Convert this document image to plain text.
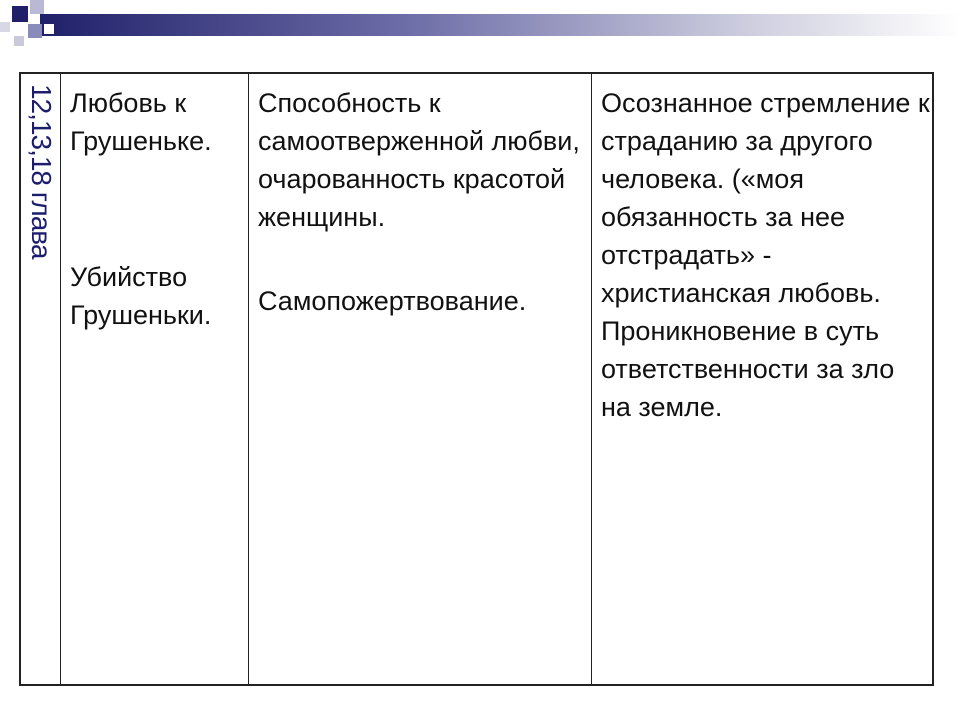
12,13,18 глава Любовь к Грушеньке.
Убийство Грушеньки.
Способность к самоотверженной любви, очарованность красотой женщины.
Самопожертвование.
Осознанное стремление к страданию за другого человека. («моя обязанность за нее отстрадать» - христианская любовь. Проникновение в суть ответственности за зло на земле.
